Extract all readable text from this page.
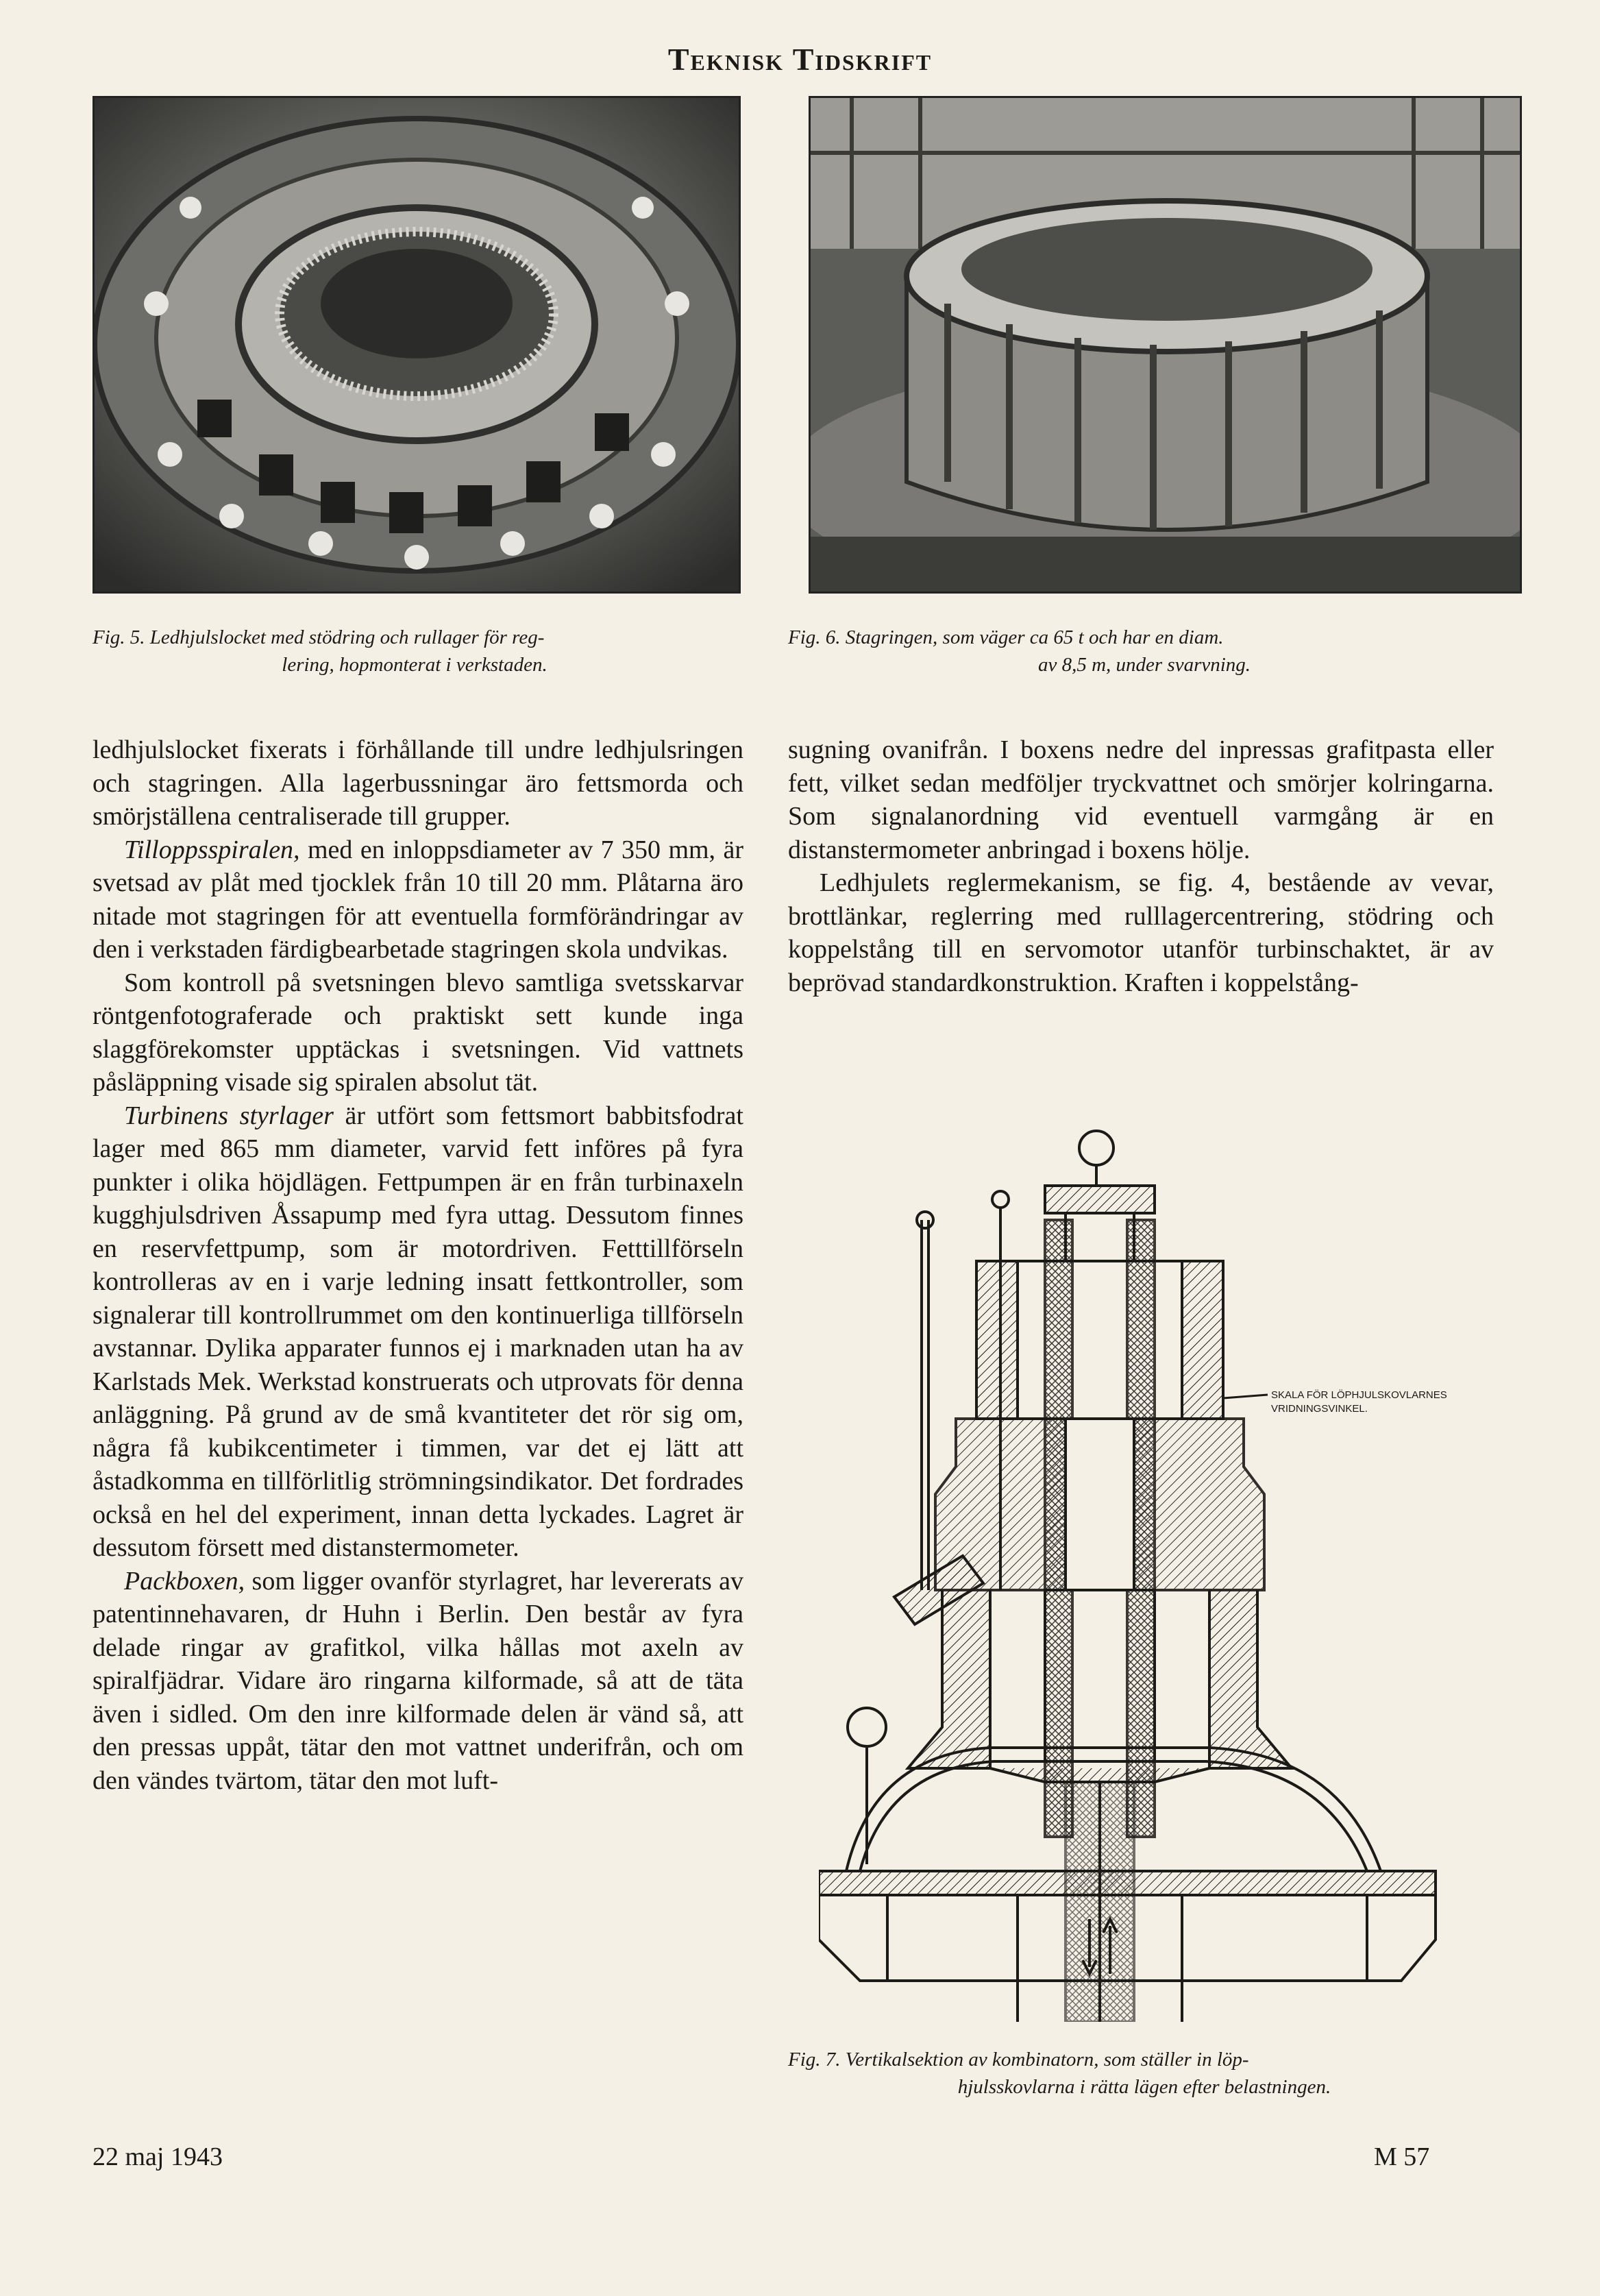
Teknisk Tidskrift
Fig. 5. Ledhjulslocket med stödring och rullager för reg-
lering, hopmonterat i verkstaden.
Fig. 6. Stagringen, som väger ca 65 t och har en diam.
av 8,5 m, under svarvning.

ledhjulslocket fixerats i förhållande till undre ledhjulsringen och stagringen. Alla lagerbussningar äro fettsmorda och smörjställena centraliserade till grupper.

Tilloppsspiralen, med en inloppsdiameter av 7 350 mm, är svetsad av plåt med tjocklek från 10 till 20 mm. Plåtarna äro nitade mot stagringen för att eventuella formförändringar av den i verkstaden färdigbearbetade stagringen skola undvikas.

Som kontroll på svetsningen blevo samtliga svetsskarvar röntgenfotograferade och praktiskt sett kunde inga slaggförekomster upptäckas i svetsningen. Vid vattnets påsläppning visade sig spiralen absolut tät.

Turbinens styrlager är utfört som fettsmort babbitsfodrat lager med 865 mm diameter, varvid fett införes på fyra punkter i olika höjdlägen. Fettpumpen är en från turbinaxeln kugghjulsdriven Åssapump med fyra uttag. Dessutom finnes en reservfettpump, som är motordriven. Fetttillförseln kontrolleras av en i varje ledning insatt fettkontroller, som signalerar till kontrollrummet om den kontinuerliga tillförseln avstannar. Dylika apparater funnos ej i marknaden utan ha av Karlstads Mek. Werkstad konstruerats och utprovats för denna anläggning. På grund av de små kvantiteter det rör sig om, några få kubikcentimeter i timmen, var det ej lätt att åstadkomma en tillförlitlig strömningsindikator. Det fordrades också en hel del experiment, innan detta lyckades. Lagret är dessutom försett med distanstermometer.

Packboxen, som ligger ovanför styrlagret, har levererats av patentinnehavaren, dr Huhn i Berlin. Den består av fyra delade ringar av grafitkol, vilka hållas mot axeln av spiralfjädrar. Vidare äro ringarna kilformade, så att de täta även i sidled. Om den inre kilformade delen är vänd så, att den pressas uppåt, tätar den mot vattnet underifrån, och om den vändes tvärtom, tätar den mot luft-

sugning ovanifrån. I boxens nedre del inpressas grafitpasta eller fett, vilket sedan medföljer tryckvattnet och smörjer kolringarna. Som signalanordning vid eventuell varmgång är en distanstermometer anbringad i boxens hölje.

Ledhjulets reglermekanism, se fig. 4, bestående av vevar, brottlänkar, reglerring med rulllagercentrering, stödring och koppelstång till en servomotor utanför turbinschaktet, är av beprövad standardkonstruktion. Kraften i koppelstång-

SKALA FÖR LÖPHJULSKOVLARNES
VRIDNINGSVINKEL.
Fig. 7. Vertikalsektion av kombinatorn, som ställer in löp-
hjulsskovlarna i rätta lägen efter belastningen.
22 maj 1943	M 57
